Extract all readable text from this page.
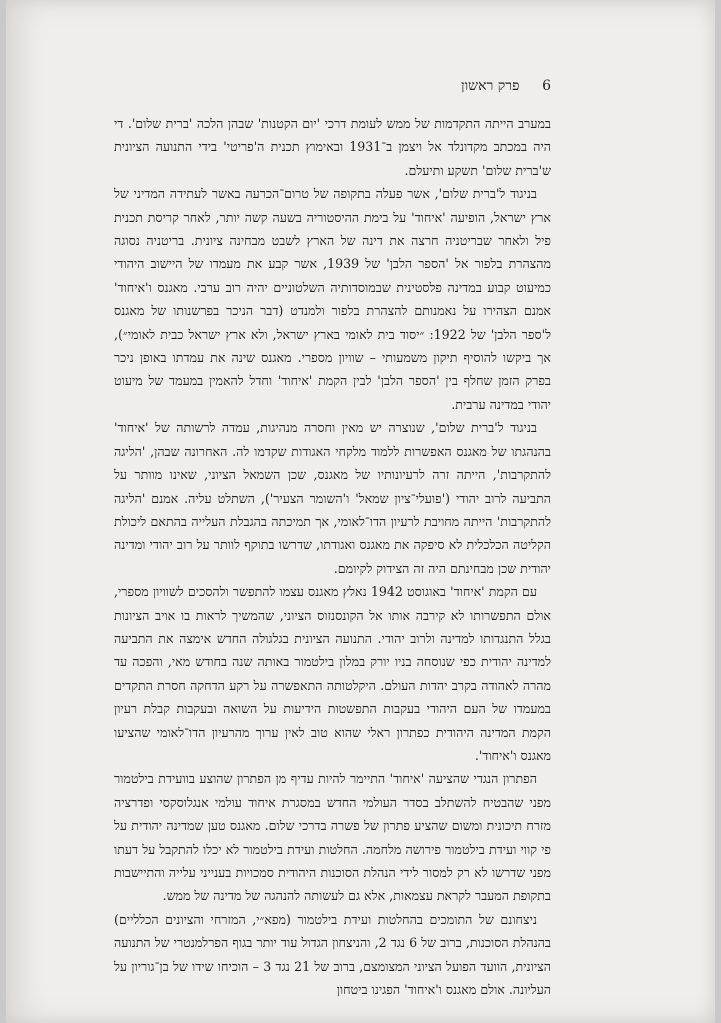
6
פרק ראשון

במערב הייתה התקדמות של ממש לעומת דרכי 'יום הקטנות' שבהן הלכה 'ברית שלום'. די היה במכתב מקדונלד אל ויצמן ב־1931 ובאימוץ תכנית ה'פריטי' בידי התנועה הציונית ש'ברית שלום' תשקע ותיעלם.

בניגוד ל'ברית שלום', אשר פעלה בתקופה של טרום־הכרעה באשר לעתידה המדיני של ארץ ישראל, הופיעה 'איחוד' על בימת ההיסטוריה בשעה קשה יותר, לאחר קריסת תכנית פיל ולאחר שבריטניה חרצה את דינה של הארץ לשבט מבחינה ציונית. בריטניה נסוגה מהצהרת בלפור אל 'הספר הלבן' של 1939, אשר קבע את מעמדו של היישוב היהודי כמיעוט קבוע במדינה פלסטינית שבמוסדותיה השלטוניים יהיה רוב ערבי. מאגנס ו'איחוד' אמנם הצהירו על נאמנותם להצהרת בלפור ולמנדט (דבר הניכר בפרשנותו של מאגנס ל'ספר הלבן' של 1922: ״יסוד בית לאומי בארץ ישראל, ולא ארץ ישראל כבית לאומי״), אך ביקשו להוסיף תיקון משמעותי – שוויון מספרי. מאגנס שינה את עמדתו באופן ניכר בפרק הזמן שחלף בין 'הספר הלבן' לבין הקמת 'איחוד' וחדל להאמין במעמד של מיעוט יהודי במדינה ערבית.

בניגוד ל'ברית שלום', שנוצרה יש מאין וחסרה מנהיגות, עמדה לרשותה של 'איחוד' בהנהגתו של מאגנס האפשרות ללמוד מלקחי האגודות שקדמו לה. האחרונה שבהן, 'הליגה להתקרבות', הייתה זרה לרעיונותיו של מאגנס, שכן השמאל הציוני, שאינו מוותר על התביעה לרוב יהודי ('פועלי־ציון שמאל' ו'השומר הצעיר'), השתלט עליה. אמנם 'הליגה להתקרבות' הייתה מחויבת לרעיון הדו־לאומי, אך תמיכתה בהגבלת העלייה בהתאם ליכולת הקליטה הכלכלית לא סיפקה את מאגנס ואגודתו, שדרשו בתוקף לוותר על רוב יהודי ומדינה יהודית שכן מבחינתם היה זה הצידוק לקיומם.

עם הקמת 'איחוד' באוגוסט 1942 נאלץ מאגנס עצמו להתפשר ולהסכים לשוויון מספרי, אולם התפשרותו לא קירבה אותו אל הקונסנזוס הציוני, שהמשיך לראות בו אויב הציונות בגלל התנגדותו למדינה ולרוב יהודי. התנועה הציונית בגלגולה החדש אימצה את התביעה למדינה יהודית כפי שנוסחה בניו יורק במלון בילטמור באותה שנה בחודש מאי, והפכה עד מהרה לאהודה בקרב יהדות העולם. היקלטותה התאפשרה על רקע הדחקה חסרת התקדים במעמדו של העם היהודי בעקבות התפשטות הידיעות על השואה ובעקבות קבלת רעיון הקמת המדינה היהודית כפתרון ראלי שהוא טוב לאין ערוך מהרעיון הדו־לאומי שהציעו מאגנס ו'איחוד'.

הפתרון הנגדי שהציעה 'איחוד' התיימר להיות עדיף מן הפתרון שהוצע בוועידת בילטמור מפני שהבטיח להשתלב בסדר העולמי החדש במסגרת איחוד עולמי אנגלוסקסי ופדרציה מזרח תיכונית ומשום שהציע פתרון של פשרה בדרכי שלום. מאגנס טען שמדינה יהודית על פי קווי ועידת בילטמור פירושה מלחמה. החלטות ועידת בילטמור לא יכלו להתקבל על דעתו מפני שדרשו לא רק למסור לידי הנהלת הסוכנות היהודית סמכויות בענייני עלייה והתיישבות בתקופת המעבר לקראת עצמאות, אלא גם לעשותה להנהגה של מדינה של ממש.

ניצחונם של התומכים בהחלטות ועידת בילטמור (מפא״י, המזרחי והציונים הכלליים) בהנהלת הסוכנות, ברוב של 6 נגד 2, והניצחון הגדול עוד יותר בגוף הפרלמנטרי של התנועה הציונית, הוועד הפועל הציוני המצומצם, ברוב של 21 נגד 3 – הוכיחו שידו של בן־גוריון על העליונה. אולם מאגנס ו'איחוד' הפגינו ביטחון
